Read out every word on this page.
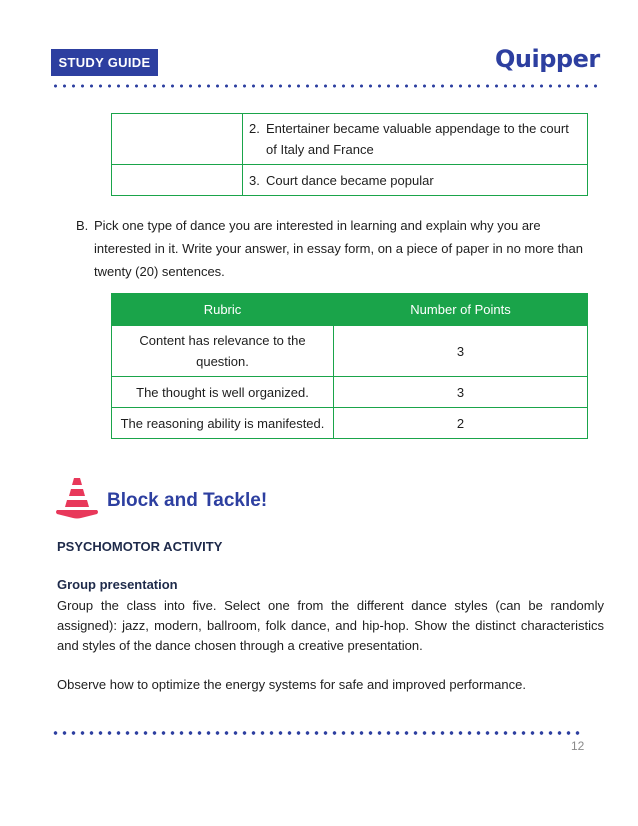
STUDY GUIDE	Quipper

	2. Entertainer became valuable appendage to the court of Italy and France

	3. Court dance became popular
B. Pick one type of dance you are interested in learning and explain why you are interested in it. Write your answer, in essay form, on a piece of paper in no more than twenty (20) sentences.
Rubric	Number of Points
Content has relevance to the question.	3
The thought is well organized.	3
The reasoning ability is manifested.	2
Block and Tackle!
PSYCHOMOTOR ACTIVITY
Group presentation

Group the class into five. Select one from the different dance styles (can be randomly assigned): jazz, modern, ballroom, folk dance, and hip-hop. Show the distinct characteristics and styles of the dance chosen through a creative presentation.

Observe how to optimize the energy systems for safe and improved performance.

12
